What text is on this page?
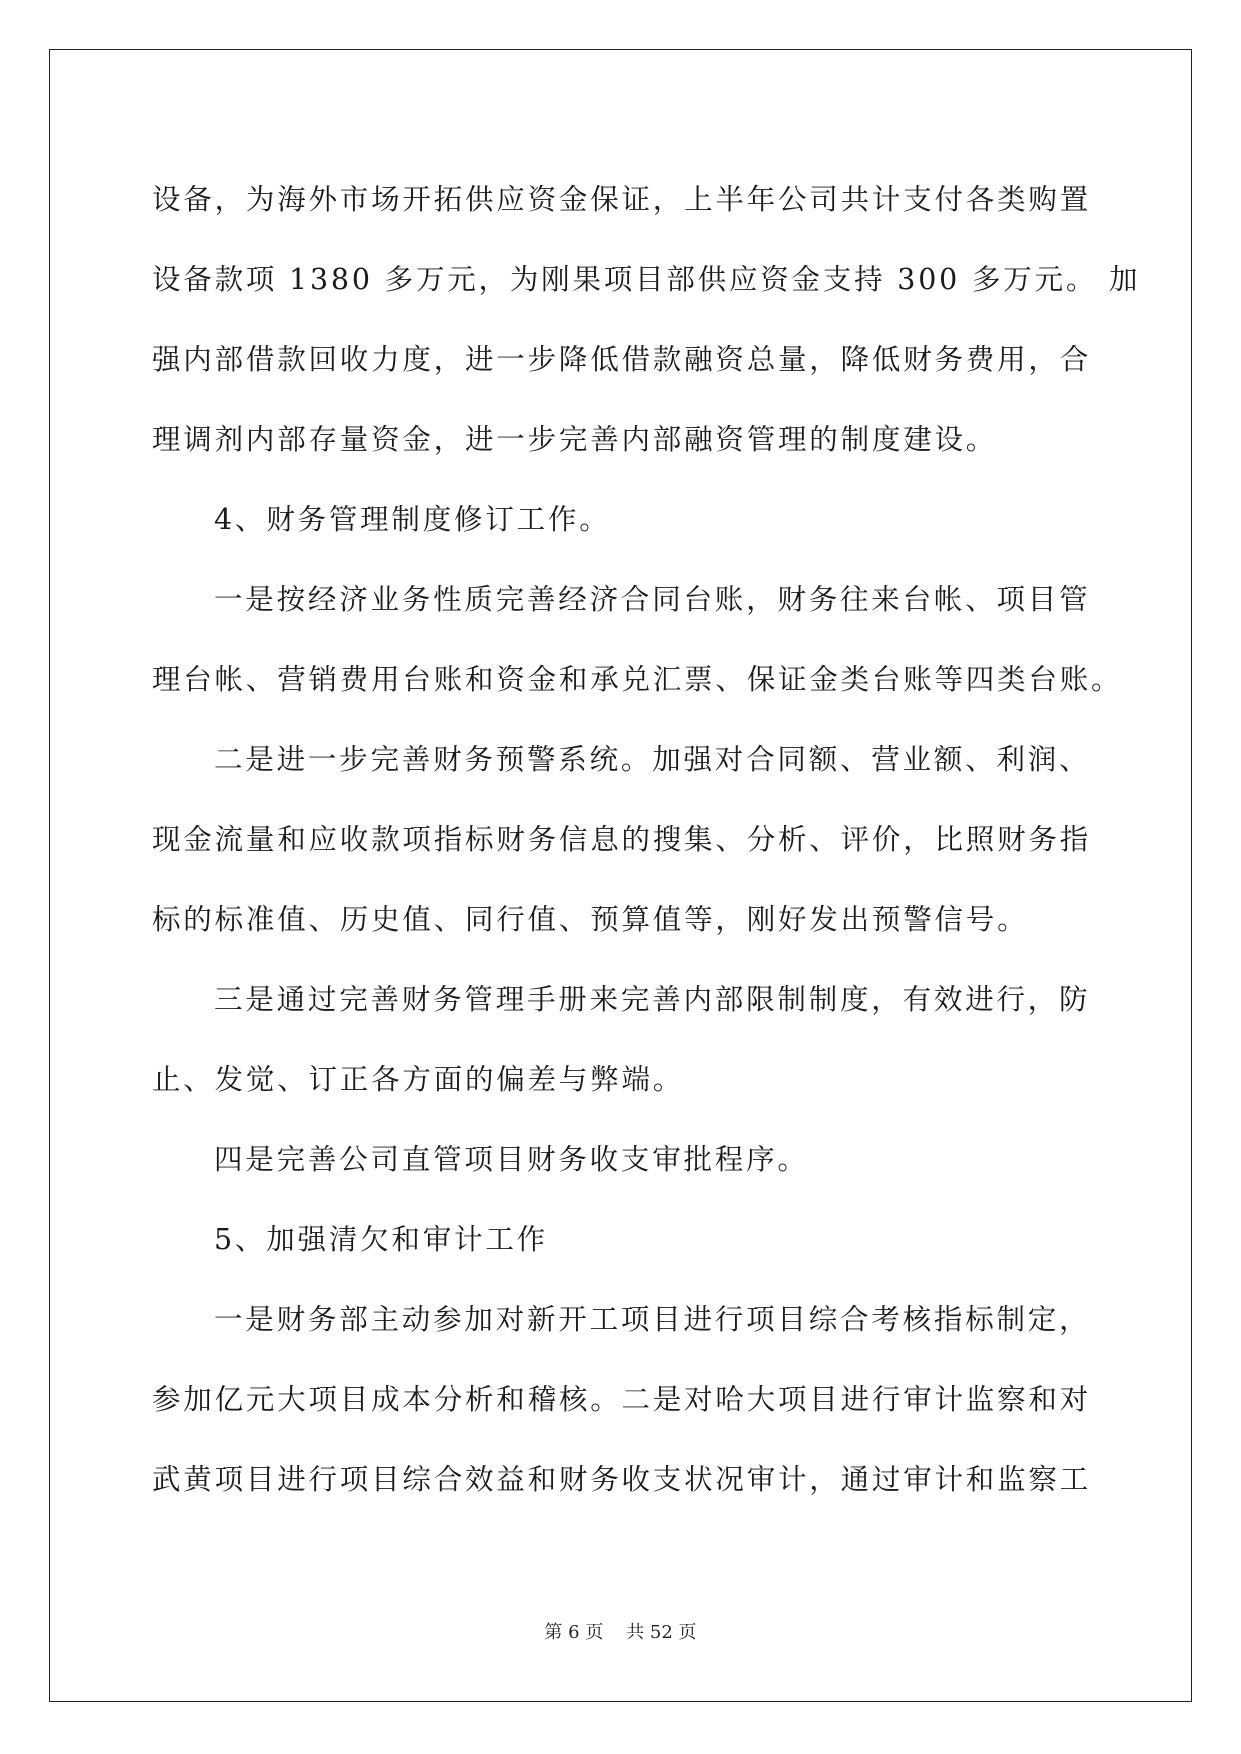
设备，为海外市场开拓供应资金保证，上半年公司共计支付各类购置

设备款项 1380 多万元，为刚果项目部供应资金支持 300 多万元。 加

强内部借款回收力度，进一步降低借款融资总量，降低财务费用，合

理调剂内部存量资金，进一步完善内部融资管理的制度建设。

4、财务管理制度修订工作。

一是按经济业务性质完善经济合同台账，财务往来台帐、项目管

理台帐、营销费用台账和资金和承兑汇票、保证金类台账等四类台账。

二是进一步完善财务预警系统。加强对合同额、营业额、利润、

现金流量和应收款项指标财务信息的搜集、分析、评价，比照财务指

标的标准值、历史值、同行值、预算值等，刚好发出预警信号。

三是通过完善财务管理手册来完善内部限制制度，有效进行，防

止、发觉、订正各方面的偏差与弊端。

四是完善公司直管项目财务收支审批程序。

5、加强清欠和审计工作

一是财务部主动参加对新开工项目进行项目综合考核指标制定，

参加亿元大项目成本分析和稽核。二是对哈大项目进行审计监察和对

武黄项目进行项目综合效益和财务收支状况审计，通过审计和监察工

第 6 页    共 52 页
